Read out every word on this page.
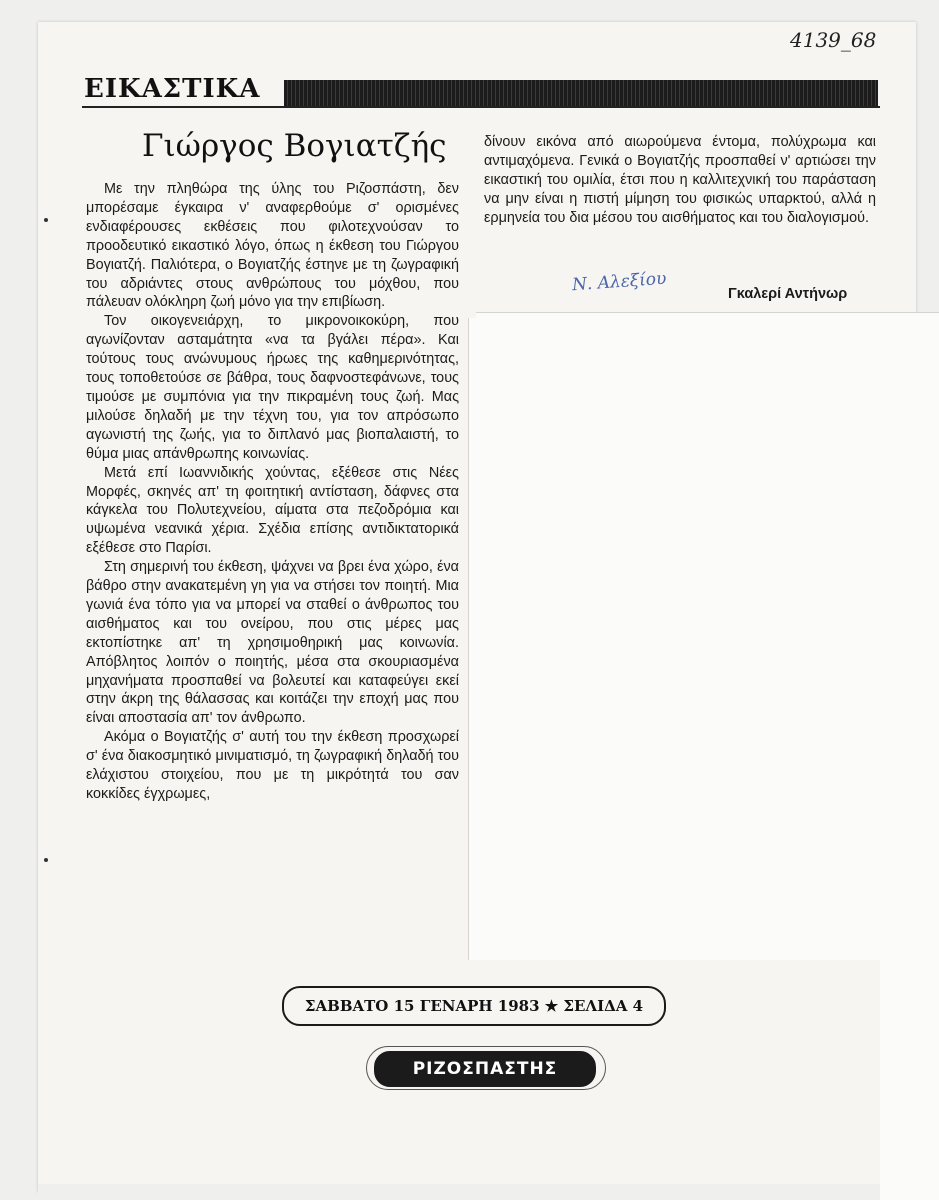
4139_68
ΕΙΚΑΣΤΙΚΑ
Γιώργος Βογιατζής

Με την πληθώρα της ύλης του Ριζοσπάστη, δεν μπορέσαμε έγκαιρα ν' αναφερθούμε σ' ορισμένες ενδιαφέρουσες εκθέσεις που φιλοτεχνούσαν το προοδευτικό εικαστικό λόγο, όπως η έκθεση του Γιώργου Βογιατζή. Παλιότερα, ο Βογιατζής έστηνε με τη ζωγραφική του αδριάντες στους ανθρώπους του μόχθου, που πάλευαν ολόκληρη ζωή μόνο για την επιβίωση.

Τον οικογενειάρχη, το μικρονοικοκύρη, που αγωνίζονταν ασταμάτητα «να τα βγάλει πέρα». Και τούτους τους ανώνυμους ήρωες της καθημερινότητας, τους τοποθετούσε σε βάθρα, τους δαφνοστεφάνωνε, τους τιμούσε με συμπόνια για την πικραμένη τους ζωή. Μας μιλούσε δηλαδή με την τέχνη του, για τον απρόσωπο αγωνιστή της ζωής, για το διπλανό μας βιοπαλαιστή, το θύμα μιας απάνθρωπης κοινωνίας.

Μετά επί Ιωαννιδικής χούντας, εξέθεσε στις Νέες Μορφές, σκηνές απ' τη φοιτητική αντίσταση, δάφνες στα κάγκελα του Πολυτεχνείου, αίματα στα πεζοδρόμια και υψωμένα νεανικά χέρια. Σχέδια επίσης αντιδικτατορικά εξέθεσε στο Παρίσι.

Στη σημερινή του έκθεση, ψάχνει να βρει ένα χώρο, ένα βάθρο στην ανακατεμένη γη για να στήσει τον ποιητή. Μια γωνιά ένα τόπο για να μπορεί να σταθεί ο άνθρωπος του αισθήματος και του ονείρου, που στις μέρες μας εκτοπίστηκε απ' τη χρησιμοθηρική μας κοινωνία. Απόβλητος λοιπόν ο ποιητής, μέσα στα σκουριασμένα μηχανήματα προσπαθεί να βολευτεί και καταφεύγει εκεί στην άκρη της θάλασσας και κοιτάζει την εποχή μας που είναι αποστασία απ' τον άνθρωπο.

Ακόμα ο Βογιατζής σ' αυτή του την έκθεση προσχωρεί σ' ένα διακοσμητικό μινιματισμό, τη ζωγραφική δηλαδή του ελάχιστου στοιχείου, που με τη μικρότητά του σαν κοκκίδες έγχρωμες,

δίνουν εικόνα από αιωρούμενα έντομα, πολύχρωμα και αντιμαχόμενα. Γενικά ο Βογιατζής προσπαθεί ν' αρτιώσει την εικαστική του ομιλία, έτσι που η καλλιτεχνική του παράσταση να μην είναι η πιστή μίμηση του φισικώς υπαρκτού, αλλά η ερμηνεία του δια μέσου του αισθήματος και του διαλογισμού.

Ν. Αλεξίου	Γκαλερί Αντήνωρ
ΣΑΒΒΑΤΟ 15 ΓΕΝΑΡΗ 1983 ★ ΣΕΛΙΔΑ 4
ΡΙΖΟΣΠΑΣΤΗΣ
